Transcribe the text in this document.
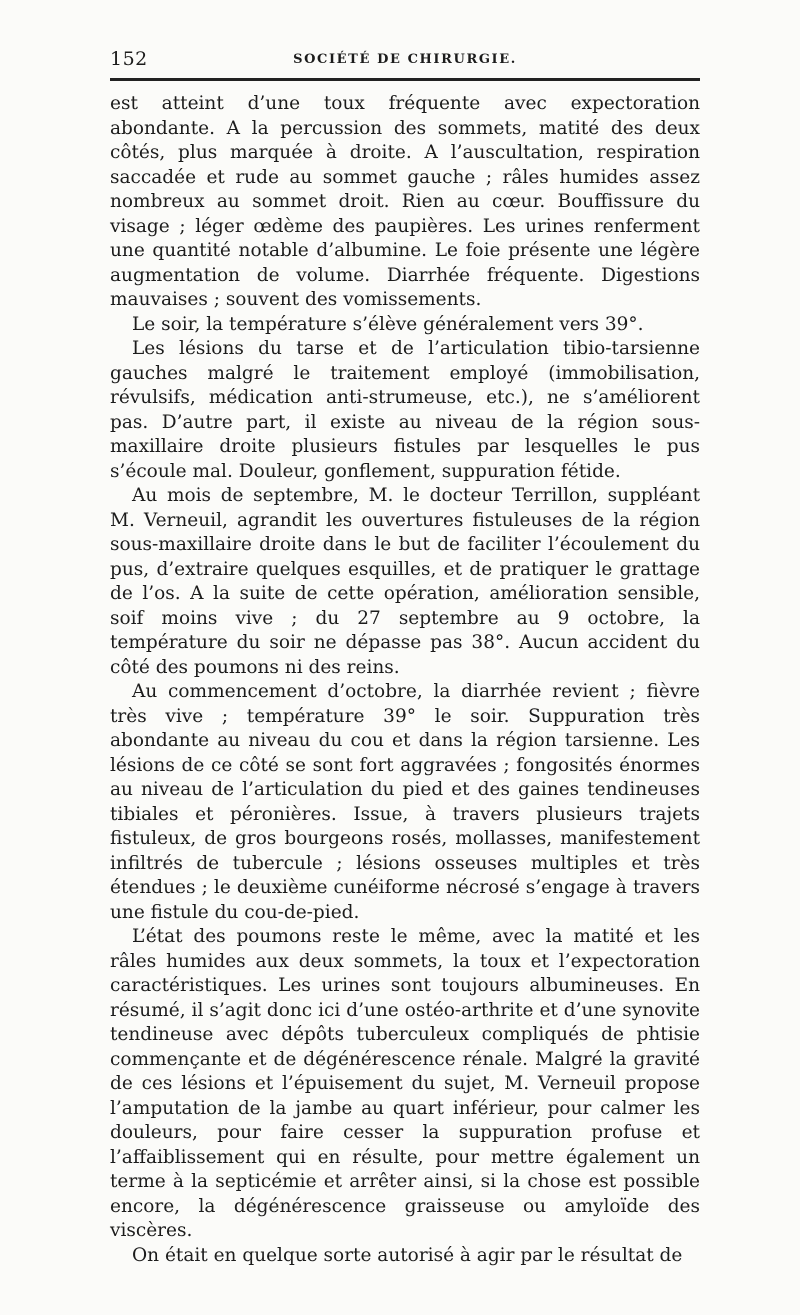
152	SOCIÉTÉ DE CHIRURGIE.

est atteint d’une toux fréquente avec expectoration abondante. A la percussion des sommets, matité des deux côtés, plus marquée à droite. A l’auscultation, respiration saccadée et rude au sommet gauche ; râles humides assez nombreux au sommet droit. Rien au cœur. Bouffissure du visage ; léger œdème des paupières. Les urines renferment une quantité notable d’albumine. Le foie présente une légère augmentation de volume. Diarrhée fréquente. Digestions mauvaises ; souvent des vomissements.

Le soir, la température s’élève généralement vers 39°.

Les lésions du tarse et de l’articulation tibio-tarsienne gauches malgré le traitement employé (immobilisation, révulsifs, médication anti-strumeuse, etc.), ne s’améliorent pas. D’autre part, il existe au niveau de la région sous-maxillaire droite plusieurs fistules par lesquelles le pus s’écoule mal. Douleur, gonflement, suppuration fétide.

Au mois de septembre, M. le docteur Terrillon, suppléant M. Verneuil, agrandit les ouvertures fistuleuses de la région sous-maxillaire droite dans le but de faciliter l’écoulement du pus, d’extraire quelques esquilles, et de pratiquer le grattage de l’os. A la suite de cette opération, amélioration sensible, soif moins vive ; du 27 septembre au 9 octobre, la température du soir ne dépasse pas 38°. Aucun accident du côté des poumons ni des reins.

Au commencement d’octobre, la diarrhée revient ; fièvre très vive ; température 39° le soir. Suppuration très abondante au niveau du cou et dans la région tarsienne. Les lésions de ce côté se sont fort aggravées ; fongosités énormes au niveau de l’articulation du pied et des gaines tendineuses tibiales et péronières. Issue, à travers plusieurs trajets fistuleux, de gros bourgeons rosés, mollasses, manifestement infiltrés de tubercule ; lésions osseuses multiples et très étendues ; le deuxième cunéiforme nécrosé s’engage à travers une fistule du cou-de-pied.

L’état des poumons reste le même, avec la matité et les râles humides aux deux sommets, la toux et l’expectoration caractéristiques. Les urines sont toujours albumineuses. En résumé, il s’agit donc ici d’une ostéo-arthrite et d’une synovite tendineuse avec dépôts tuberculeux compliqués de phtisie commençante et de dégénérescence rénale. Malgré la gravité de ces lésions et l’épuisement du sujet, M. Verneuil propose l’amputation de la jambe au quart inférieur, pour calmer les douleurs, pour faire cesser la suppuration profuse et l’affaiblissement qui en résulte, pour mettre également un terme à la septicémie et arrêter ainsi, si la chose est possible encore, la dégénérescence graisseuse ou amyloïde des viscères.

On était en quelque sorte autorisé à agir par le résultat de
